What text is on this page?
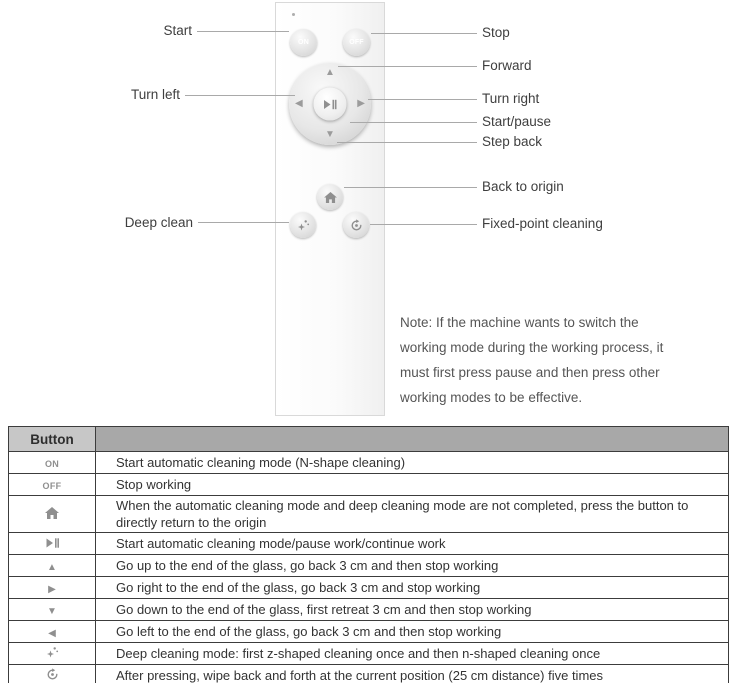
ON	OFF
▲
▼
◀	▶
Start
Turn left
Deep clean
Stop
Forward
Turn right
Start/pause
Step back
Back to origin
Fixed-point cleaning
Note: If the machine wants to switch the working mode during the working process, it must first press pause and then press other working modes to be effective.
Button	
ON	Start automatic cleaning mode (N-shape cleaning)
OFF	Stop working
	When the automatic cleaning mode and deep cleaning mode are not completed, press the button to directly return to the origin
	Start automatic cleaning mode/pause work/continue work
▲	Go up to the end of the glass, go back 3 cm and then stop working
▶	Go right to the end of the glass, go back 3 cm and stop working
▼	Go down to the end of the glass, first retreat 3 cm and then stop working
◀	Go left to the end of the glass, go back 3 cm and then stop working
	Deep cleaning mode: first z-shaped cleaning once and then n-shaped cleaning once
	After pressing, wipe back and forth at the current position (25 cm distance) five times
